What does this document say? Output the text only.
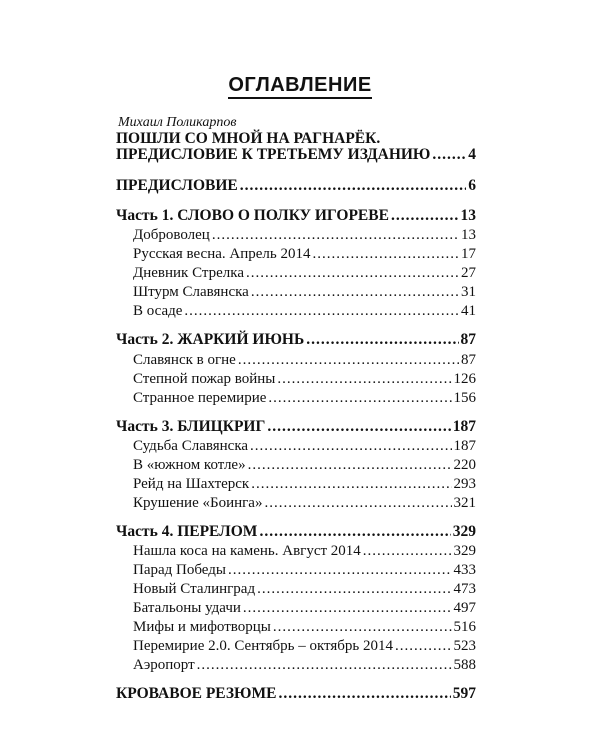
ОГЛАВЛЕНИЕ
Михаил Поликарпов
ПОШЛИ СО МНОЙ НА РАГНАРЁК.
ПРЕДИСЛОВИЕ К ТРЕТЬЕМУ ИЗДАНИЮ ..... 4
ПРЕДИСЛОВИЕ .....	6
Часть 1. СЛОВО О ПОЛКУ ИГОРЕВЕ .....	13
Доброволец .....	13
Русская весна. Апрель 2014 .....	17
Дневник Стрелка .....	27
Штурм Славянска .....	31
В осаде .....	41
Часть 2. ЖАРКИЙ ИЮНЬ .....	87
Славянск в огне .....	87
Степной пожар войны .....	126
Странное перемирие .....	156
Часть 3. БЛИЦКРИГ .....	187
Судьба Славянска .....	187
В «южном котле» .....	220
Рейд на Шахтерск .....	293
Крушение «Боинга» .....	321
Часть 4. ПЕРЕЛОМ .....	329
Нашла коса на камень. Август 2014 .....	329
Парад Победы .....	433
Новый Сталинград .....	473
Батальоны удачи .....	497
Мифы и мифотворцы .....	516
Перемирие 2.0. Сентябрь – октябрь 2014 .....	523
Аэропорт .....	588
КРОВАВОЕ РЕЗЮМЕ .....	597
